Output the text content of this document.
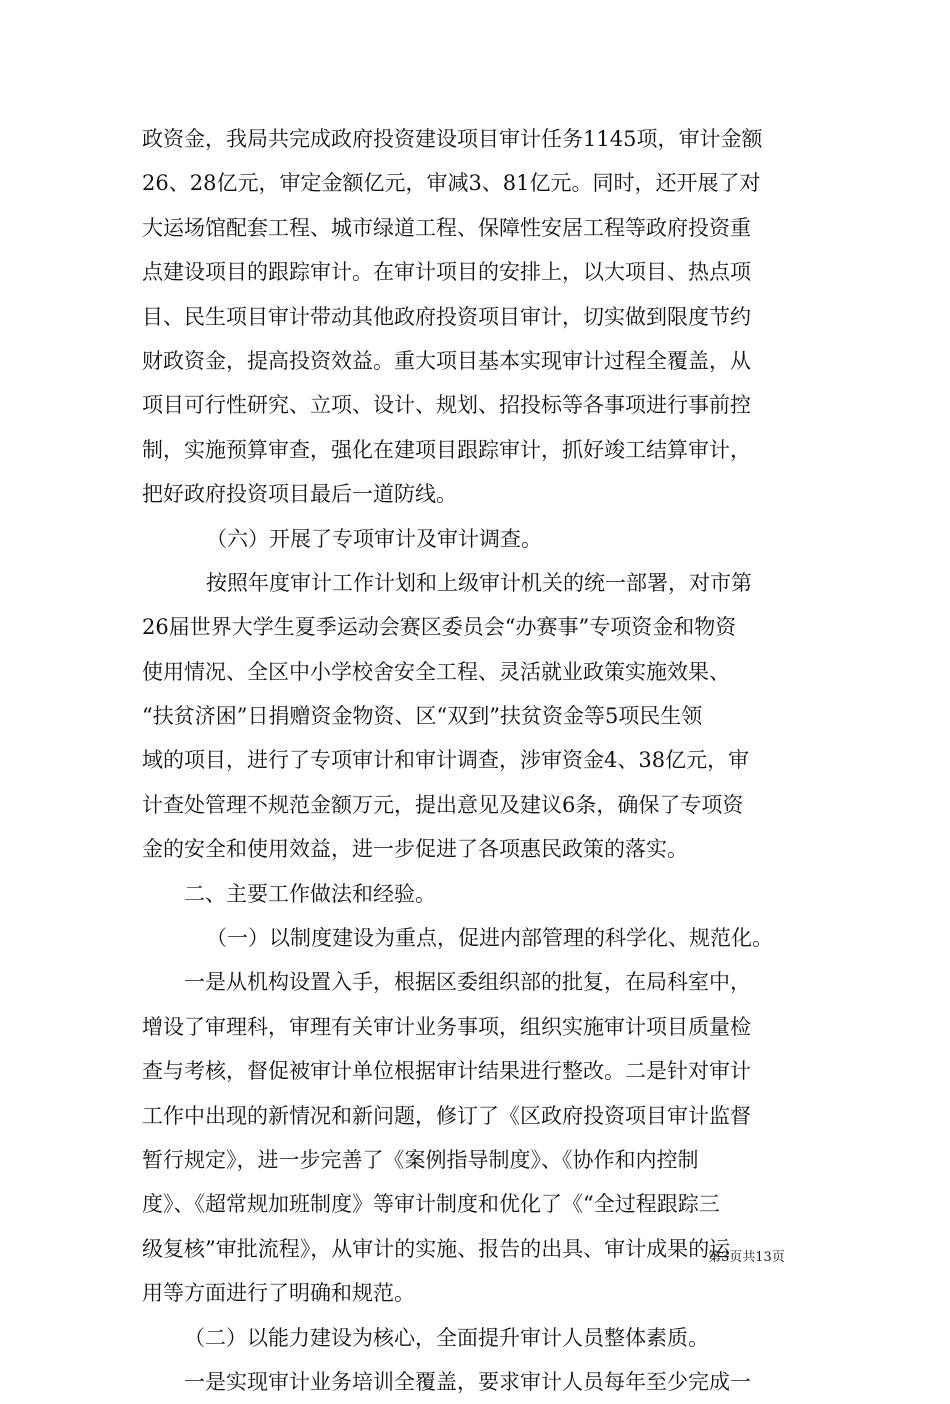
政资金，我局共完成政府投资建设项目审计任务1145项，审计金额
26、28亿元，审定金额亿元，审减3、81亿元。同时，还开展了对
大运场馆配套工程、城市绿道工程、保障性安居工程等政府投资重
点建设项目的跟踪审计。在审计项目的安排上，以大项目、热点项
目、民生项目审计带动其他政府投资项目审计，切实做到限度节约
财政资金，提高投资效益。重大项目基本实现审计过程全覆盖，从
项目可行性研究、立项、设计、规划、招投标等各事项进行事前控
制，实施预算审查，强化在建项目跟踪审计，抓好竣工结算审计，
把好政府投资项目最后一道防线。
（六）开展了专项审计及审计调查。
按照年度审计工作计划和上级审计机关的统一部署，对市第
26届世界大学生夏季运动会赛区委员会“办赛事”专项资金和物资
使用情况、全区中小学校舍安全工程、灵活就业政策实施效果、
“扶贫济困”日捐赠资金物资、区“双到”扶贫资金等5项民生领
域的项目，进行了专项审计和审计调查，涉审资金4、38亿元，审
计查处管理不规范金额万元，提出意见及建议6条，确保了专项资
金的安全和使用效益，进一步促进了各项惠民政策的落实。
二、主要工作做法和经验。
（一）以制度建设为重点，促进内部管理的科学化、规范化。
一是从机构设置入手，根据区委组织部的批复，在局科室中，
增设了审理科，审理有关审计业务事项，组织实施审计项目质量检
查与考核，督促被审计单位根据审计结果进行整改。二是针对审计
工作中出现的新情况和新问题，修订了《区政府投资项目审计监督
暂行规定》，进一步完善了《案例指导制度》、《协作和内控制
度》、《超常规加班制度》等审计制度和优化了《“全过程跟踪三
级复核”审批流程》，从审计的实施、报告的出具、审计成果的运
用等方面进行了明确和规范。
（二）以能力建设为核心，全面提升审计人员整体素质。
一是实现审计业务培训全覆盖，要求审计人员每年至少完成一
第3页共13页
